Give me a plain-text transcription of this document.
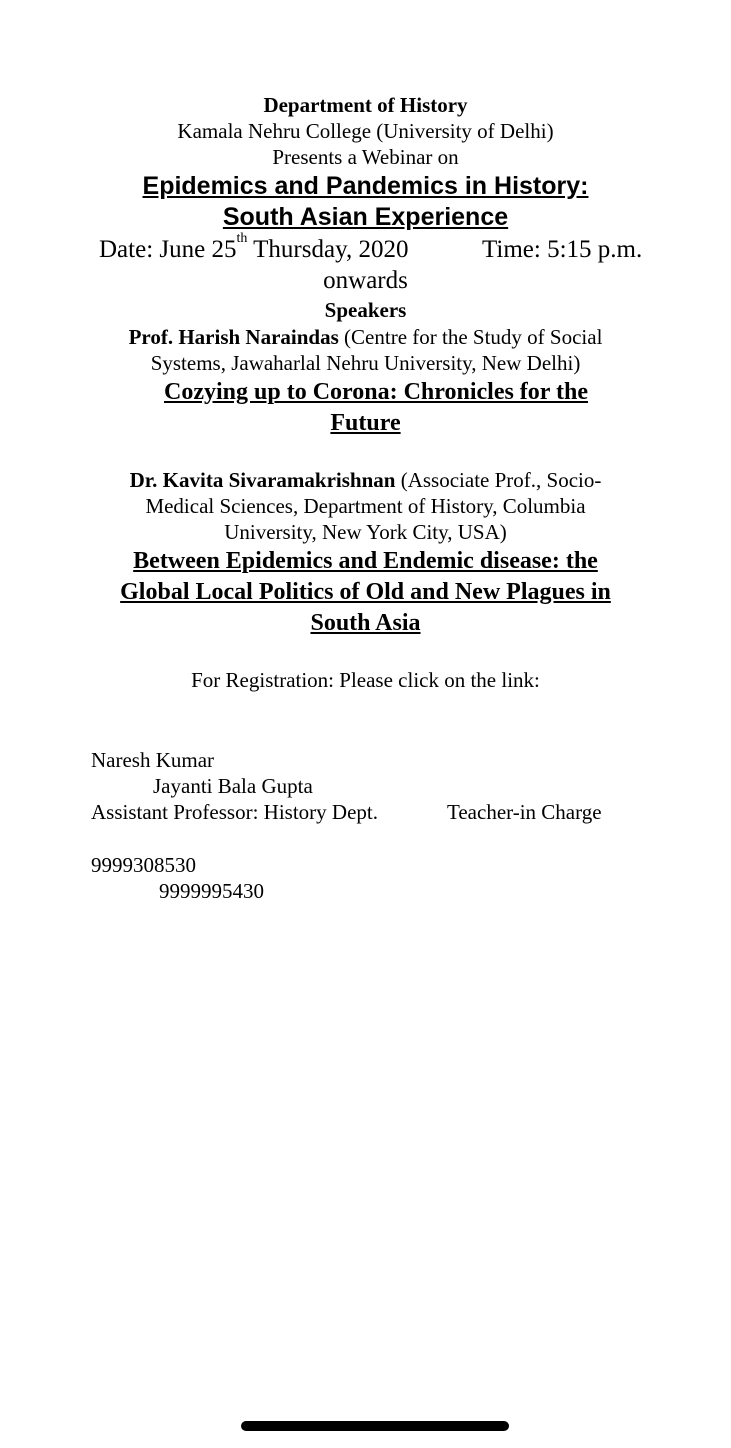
Department of History
Kamala Nehru College (University of Delhi)
Presents a Webinar on
Epidemics and Pandemics in History:
South Asian Experience
Date: June 25th Thursday, 2020	Time: 5:15 p.m.
onwards
Speakers
Prof. Harish Naraindas (Centre for the Study of Social
Systems, Jawaharlal Nehru University, New Delhi)
Cozying up to Corona: Chronicles for the
Future
Dr. Kavita Sivaramakrishnan (Associate Prof., Socio-
Medical Sciences, Department of History, Columbia
University, New York City, USA)
Between Epidemics and Endemic disease: the
Global Local Politics of Old and New Plagues in
South Asia
For Registration: Please click on the link:
Naresh Kumar
Jayanti Bala Gupta
Assistant Professor: History Dept.	Teacher-in Charge
9999308530
9999995430
